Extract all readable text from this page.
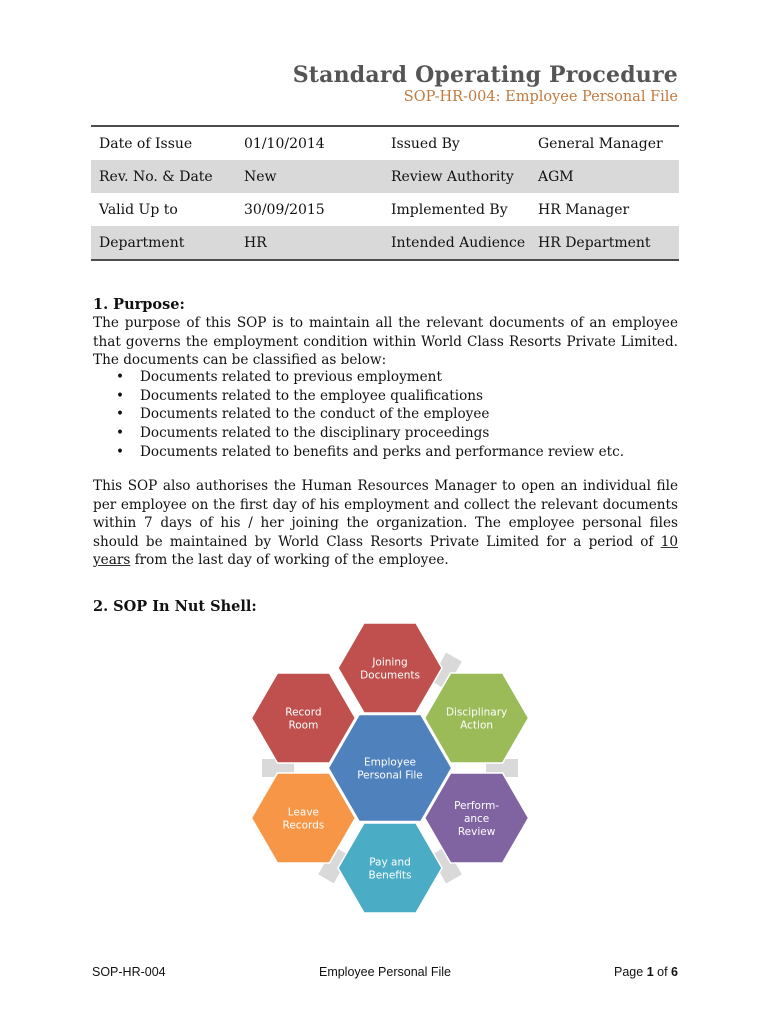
Standard Operating Procedure
SOP-HR-004: Employee Personal File
Date of Issue	01/10/2014	Issued By	General Manager
Rev. No. & Date	New	Review Authority	AGM
Valid Up to	30/09/2015	Implemented By	HR Manager
Department	HR	Intended Audience	HR Department
1. Purpose:

The purpose of this SOP is to maintain all the relevant documents of an employee that governs the employment condition within World Class Resorts Private Limited. The documents can be classified as below:

• Documents related to previous employment
• Documents related to the employee qualifications
• Documents related to the conduct of the employee
• Documents related to the disciplinary proceedings
• Documents related to benefits and perks and performance review etc.

This SOP also authorises the Human Resources Manager to open an individual file per employee on the first day of his employment and collect the relevant documents within 7 days of his / her joining the organization. The employee personal files should be maintained by World Class Resorts Private Limited for a period of 10 years from the last day of working of the employee.

2. SOP In Nut Shell:
Joining Documents
Disciplinary Action
Perform-ance Review
Pay and Benefits
Leave Records
Record Room
Employee Personal File
SOP-HR-004	Employee Personal File	Page 1 of 6
